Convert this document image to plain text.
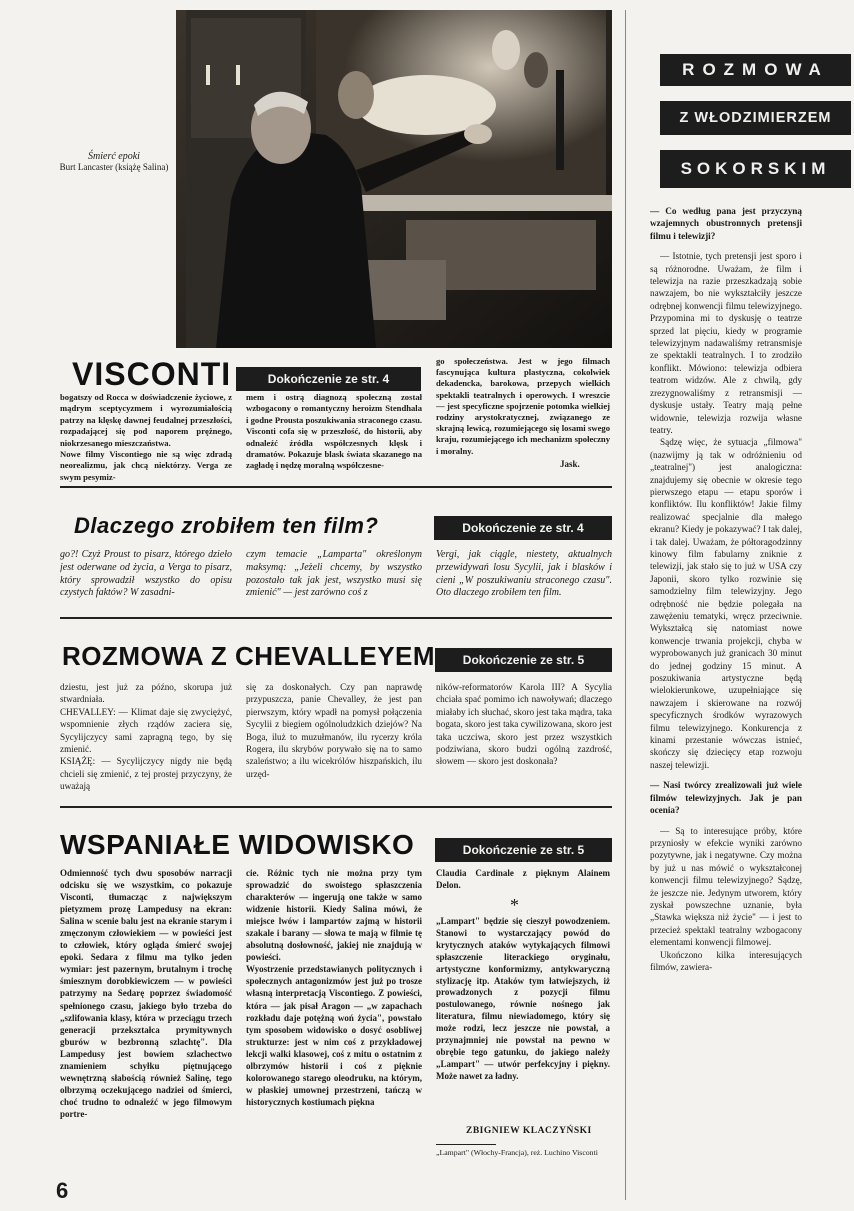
Śmierć epoki
Burt Lancaster (książę Salina)
ROZMOWA
Z WŁODZIMIERZEM
SOKORSKIM

— Co według pana jest przyczyną wzajemnych obustronnych pretensji filmu i telewizji?

— Istotnie, tych pretensji jest sporo i są różnorodne. Uważam, że film i telewizja na razie przeszkadzają sobie nawzajem, bo nie wykształciły jeszcze odrębnej konwencji filmu telewizyjnego. Przypomina mi to dyskusję o teatrze sprzed lat pięciu, kiedy w programie telewizyjnym nadawaliśmy retransmisje ze spektakli teatralnych. I to zrodziło konflikt. Mówiono: telewizja odbiera teatrom widzów. Ale z chwilą, gdy zrezygnowaliśmy z retransmisji — dyskusje ustały. Teatry mają pełne widownie, telewizja rozwija własne teatry.

Sądzę więc, że sytuacja „filmowa" (nazwijmy ją tak w odróżnieniu od „teatralnej") jest analogiczna: znajdujemy się obecnie w okresie tego pierwszego etapu — etapu sporów i konfliktów. Ilu konfliktów! Jakie filmy realizować specjalnie dla małego ekranu? Kiedy je pokazywać? I tak dalej, i tak dalej. Uważam, że półtoragodzinny kinowy film fabularny zniknie z telewizji, jak stało się to już w USA czy Japonii, skoro tylko rozwinie się samodzielny film telewizyjny. Jego odrębność nie będzie polegała na zawężeniu tematyki, wręcz przeciwnie. Wykształcą się natomiast nowe konwencje trwania projekcji, chyba w wyprobowanych już granicach 30 minut do jednej godziny 15 minut. A poszukiwania artystyczne będą wielokierunkowe, uzupełniające się nawzajem i skierowane na rozwój specyficznych środków wyrazowych filmu telewizyjnego. Konkurencja z kinami przestanie wówczas istnieć, skończy się dziecięcy etap rozwoju naszej telewizji.

— Nasi twórcy zrealizowali już wiele filmów telewizyjnych. Jak je pan ocenia?

— Są to interesujące próby, które przyniosły w efekcie wyniki zarówno pozytywne, jak i negatywne. Czy można by już u nas mówić o wykształconej konwencji filmu telewizyjnego? Sądzę, że jeszcze nie. Jedynym utworem, który zyskał powszechne uznanie, była „Stawka większa niż życie" — i jest to przecież spektakl teatralny wzbogacony elementami konwencji filmowej.

Ukończono kilka interesujących filmów, zawiera-

VISCONTI	Dokończenie ze str. 4
bogatszy od Rocca w doświadczenie życiowe, z mądrym sceptycyzmem i wyrozumiałością patrzy na klęskę dawnej feudalnej przeszłości, rozpadającej się pod naporem prężnego, niokrzesanego mieszczaństwa.
Nowe filmy Viscontiego nie są więc zdradą neorealizmu, jak chcą niektórzy. Verga ze swym pesymiz-
mem i ostrą diagnozą społeczną został wzbogacony o romantyczny heroizm Stendhala i godne Prousta poszukiwania straconego czasu. Visconti cofa się w przeszłość, do historii, aby odnaleźć źródła współczesnych klęsk i dramatów. Pokazuje blask świata skazanego na zagładę i nędzę moralną współczesne-
go społeczeństwa. Jest w jego filmach fascynująca kultura plastyczna, cokolwiek dekadencka, barokowa, przepych wielkich spektakli teatralnych i operowych. I wreszcie — jest specyficzne spojrzenie potomka wielkiej rodziny arystokratycznej, związanego ze skrajną lewicą, rozumiejącego się losami swego kraju, rozumiejącego ich mechanizm społeczny i moralny.
Jask.
Dlaczego zrobiłem ten film?	Dokończenie ze str. 4
go?! Czyż Proust to pisarz, którego dzieło jest oderwane od życia, a Verga to pisarz, który sprowadził wszystko do opisu czystych faktów? W zasadni-
czym temacie „Lamparta" określonym maksymą: „Jeżeli chcemy, by wszystko pozostało tak jak jest, wszystko musi się zmienić" — jest zarówno coś z
Vergi, jak ciągle, niestety, aktualnych przewidywań losu Sycylii, jak i blasków i cieni „W poszukiwaniu straconego czasu". Oto dlaczego zrobiłem ten film.
ROZMOWA Z CHEVALLEYEM	Dokończenie ze str. 5
dziestu, jest już za późno, skorupa już stwardniała.
CHEVALLEY: — Klimat daje się zwyciężyć, wspomnienie złych rządów zaciera się, Sycylijczycy sami zapragną tego, by się zmienić.
KSIĄŻĘ: — Sycylijczycy nigdy nie będą chcieli się zmienić, z tej prostej przyczyny, że uważają
się za doskonałych. Czy pan naprawdę przypuszcza, panie Chevalley, że jest pan pierwszym, który wpadł na pomysł połączenia Sycylii z biegiem ogólnoludzkich dziejów? Na Boga, iluż to muzułmanów, ilu rycerzy króla Rogera, ilu skrybów porywało się na to samo szaleństwo; a ilu wicekrólów hiszpańskich, ilu urzęd-
ników-reformatorów Karola III? A Sycylia chciała spać pomimo ich nawoływań; dlaczego miałaby ich słuchać, skoro jest taka mądra, taka bogata, skoro jest taka cywilizowana, skoro jest taka uczciwa, skoro jest przez wszystkich podziwiana, skoro budzi ogólną zazdrość, słowem — skoro jest doskonała?
WSPANIAŁE WIDOWISKO	Dokończenie ze str. 5
Odmienność tych dwu sposobów narracji odcisku się we wszystkim, co pokazuje Visconti, tłumacząc z największym pietyzmem prozę Lampedusy na ekran: Salina w scenie balu jest na ekranie starym i zmęczonym człowiekiem — w powieści jest to człowiek, który ogląda śmierć swojej epoki. Sedara z filmu ma tylko jeden wymiar: jest pazernym, brutalnym i trochę śmiesznym dorobkiewiczem — w powieści patrzymy na Sedarę poprzez świadomość spełnionego czasu, jakiego było trzeba do „szlifowania klasy, która w przeciągu trzech generacji przekształca prymitywnych gburów w bezbronną szlachtę". Dla Lampedusy jest bowiem szlachectwo znamieniem schyłku piętnującego wewnętrzną słabością również Salinę, tego olbrzymą oczekującego nadziei od śmierci, choć trudno to odnaleźć w jego filmowym portre-
cie. Różnic tych nie można przy tym sprowadzić do swoistego spłaszczenia charakterów — ingerują one także w samo widzenie historii. Kiedy Salina mówi, że miejsce lwów i lampartów zajmą w historii szakale i barany — słowa te mają w filmie tę absolutną dosłowność, jakiej nie znajdują w powieści.
Wyostrzenie przedstawianych politycznych i społecznych antagonizmów jest już po trosze własną interpretacją Viscontiego. Z powieści, która — jak pisał Aragon — „w zapachach rozkładu daje potężną woń życia", powstało tym sposobem widowisko o dosyć osobliwej strukturze: jest w nim coś z przykładowej lekcji walki klasowej, coś z mitu o ostatnim z olbrzymów historii i coś z pięknie kolorowanego starego oleodruku, na którym, w płaskiej umownej przestrzeni, tańczą w historycznych kostiumach piękna
Claudia Cardinale z pięknym Alainem Delon.
*
„Lampart" będzie się cieszył powodzeniem. Stanowi to wystarczający powód do krytycznych ataków wytykających filmowi spłaszczenie literackiego oryginału, artystyczne konformizmy, antykwaryczną stylizację itp. Ataków tym łatwiejszych, iż prowadzonych z pozycji filmu postulowanego, równie nośnego jak literatura, filmu niewiadomego, który się może rodzi, lecz jeszcze nie powstał, a przynajmniej nie powstał na pewno w obrębie tego gatunku, do jakiego należy „Lampart" — utwór perfekcyjny i piękny. Może nawet za ładny.
ZBIGNIEW KLACZYŃSKI
„Lampart" (Włochy-Francja), reż. Luchino Visconti
6
